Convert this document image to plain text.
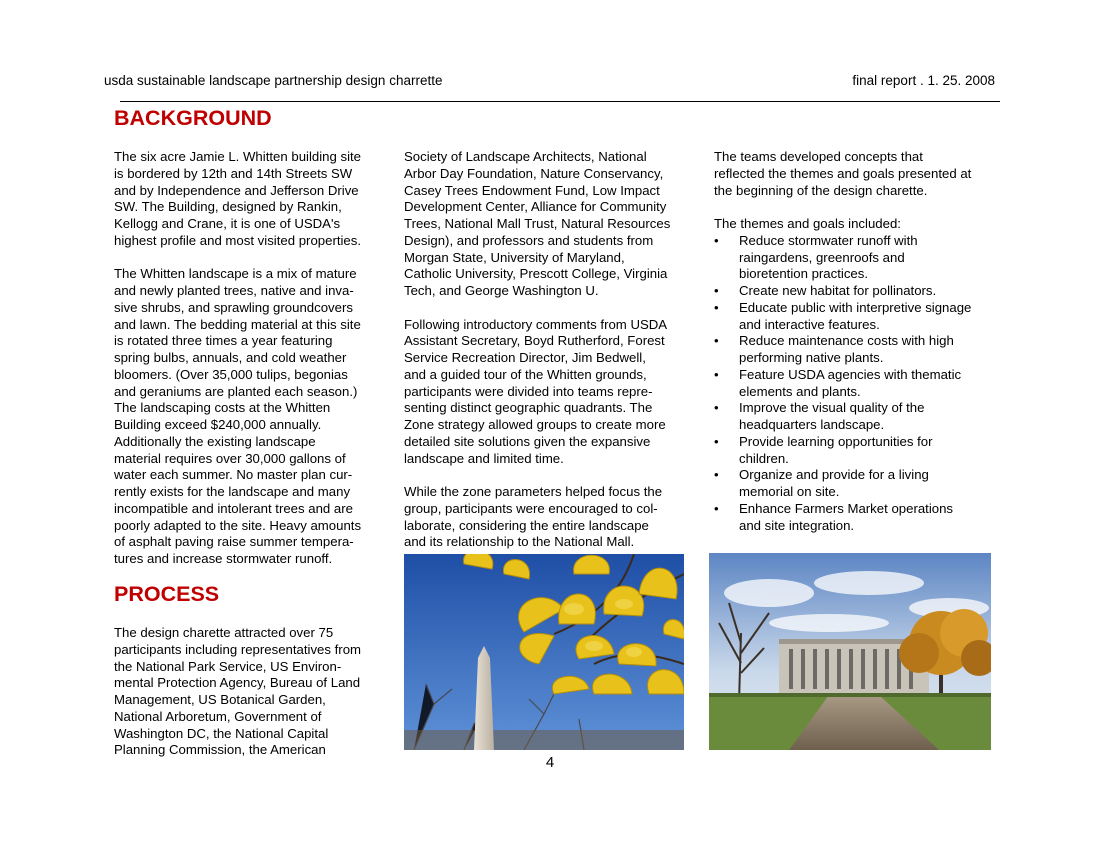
usda sustainable landscape partnership design charrette	final report . 1. 25. 2008
BACKGROUND

The six acre Jamie L. Whitten building site
is bordered by 12th and 14th Streets SW
and by Independence and Jefferson Drive
SW. The Building, designed by Rankin,
Kellogg and Crane, it is one of USDA's
highest profile and most visited properties.

The Whitten landscape is a mix of mature
and newly planted trees, native and inva-
sive shrubs, and sprawling groundcovers
and lawn. The bedding material at this site
is rotated three times a year featuring
spring bulbs, annuals, and cold weather
bloomers. (Over 35,000 tulips, begonias
and geraniums are planted each season.)
The landscaping costs at the Whitten
Building exceed $240,000 annually.
Additionally the existing landscape
material requires over 30,000 gallons of
water each summer. No master plan cur-
rently exists for the landscape and many
incompatible and intolerant trees and are
poorly adapted to the site. Heavy amounts
of asphalt paving raise summer tempera-
tures and increase stormwater runoff.

PROCESS

The design charette attracted over 75
participants including representatives from
the National Park Service, US Environ-
mental Protection Agency, Bureau of Land
Management, US Botanical Garden,
National Arboretum, Government of
Washington DC, the National Capital
Planning Commission, the American

Society of Landscape Architects, National
Arbor Day Foundation, Nature Conservancy,
Casey Trees Endowment Fund, Low Impact
Development Center, Alliance for Community
Trees, National Mall Trust, Natural Resources
Design), and professors and students from
Morgan State, University of Maryland,
Catholic University, Prescott College, Virginia
Tech, and George Washington U.

Following introductory comments from USDA
Assistant Secretary, Boyd Rutherford, Forest
Service Recreation Director, Jim Bedwell,
and a guided tour of the Whitten grounds,
participants were divided into teams repre-
senting distinct geographic quadrants. The
Zone strategy allowed groups to create more
detailed site solutions given the expansive
landscape and limited time.

While the zone parameters helped focus the
group, participants were encouraged to col-
laborate, considering the entire landscape
and its relationship to the National Mall.

The teams developed concepts that
reflected the themes and goals presented at
the beginning of the design charette.

The themes and goals included:

• Reduce stormwater runoff with
raingardens, greenroofs and
bioretention practices.
• Create new habitat for pollinators.
• Educate public with interpretive signage
and interactive features.
• Reduce maintenance costs with high
performing native plants.
• Feature USDA agencies with thematic
elements and plants.
• Improve the visual quality of the
headquarters landscape.
• Provide learning opportunities for
children.
• Organize and provide for a living
memorial on site.
• Enhance Farmers Market operations
and site integration.
4
